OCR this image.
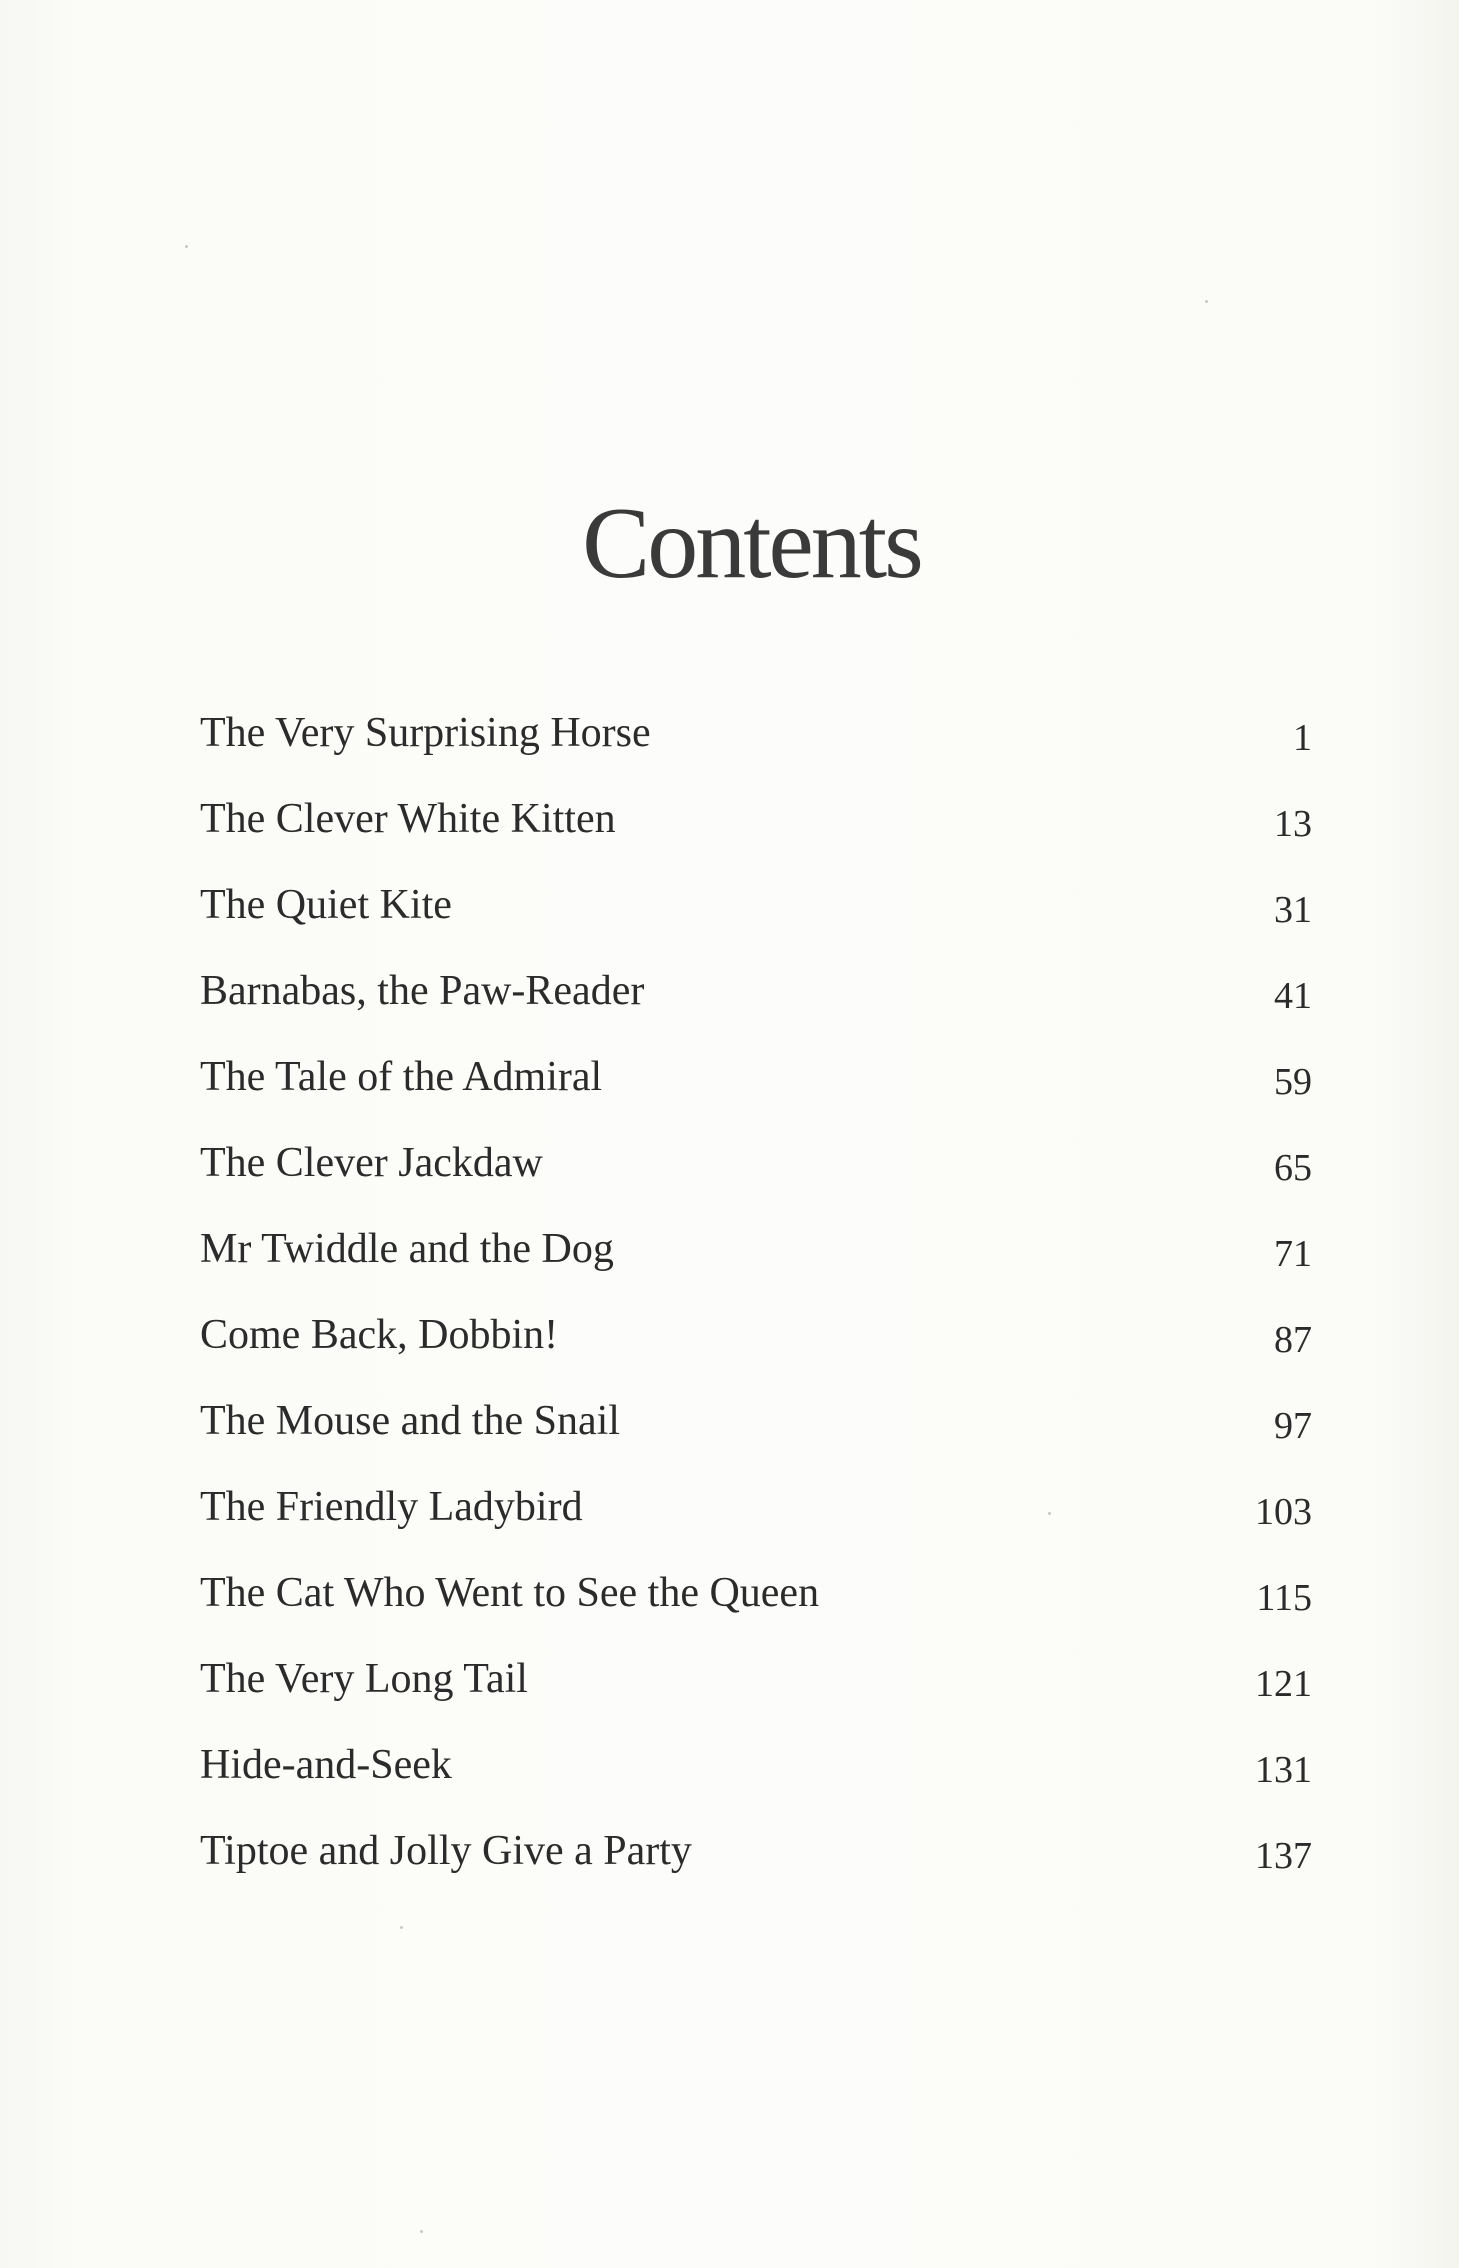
Contents
The Very Surprising Horse	1
The Clever White Kitten	13
The Quiet Kite	31
Barnabas, the Paw-Reader	41
The Tale of the Admiral	59
The Clever Jackdaw	65
Mr Twiddle and the Dog	71
Come Back, Dobbin!	87
The Mouse and the Snail	97
The Friendly Ladybird	103
The Cat Who Went to See the Queen	115
The Very Long Tail	121
Hide-and-Seek	131
Tiptoe and Jolly Give a Party	137
